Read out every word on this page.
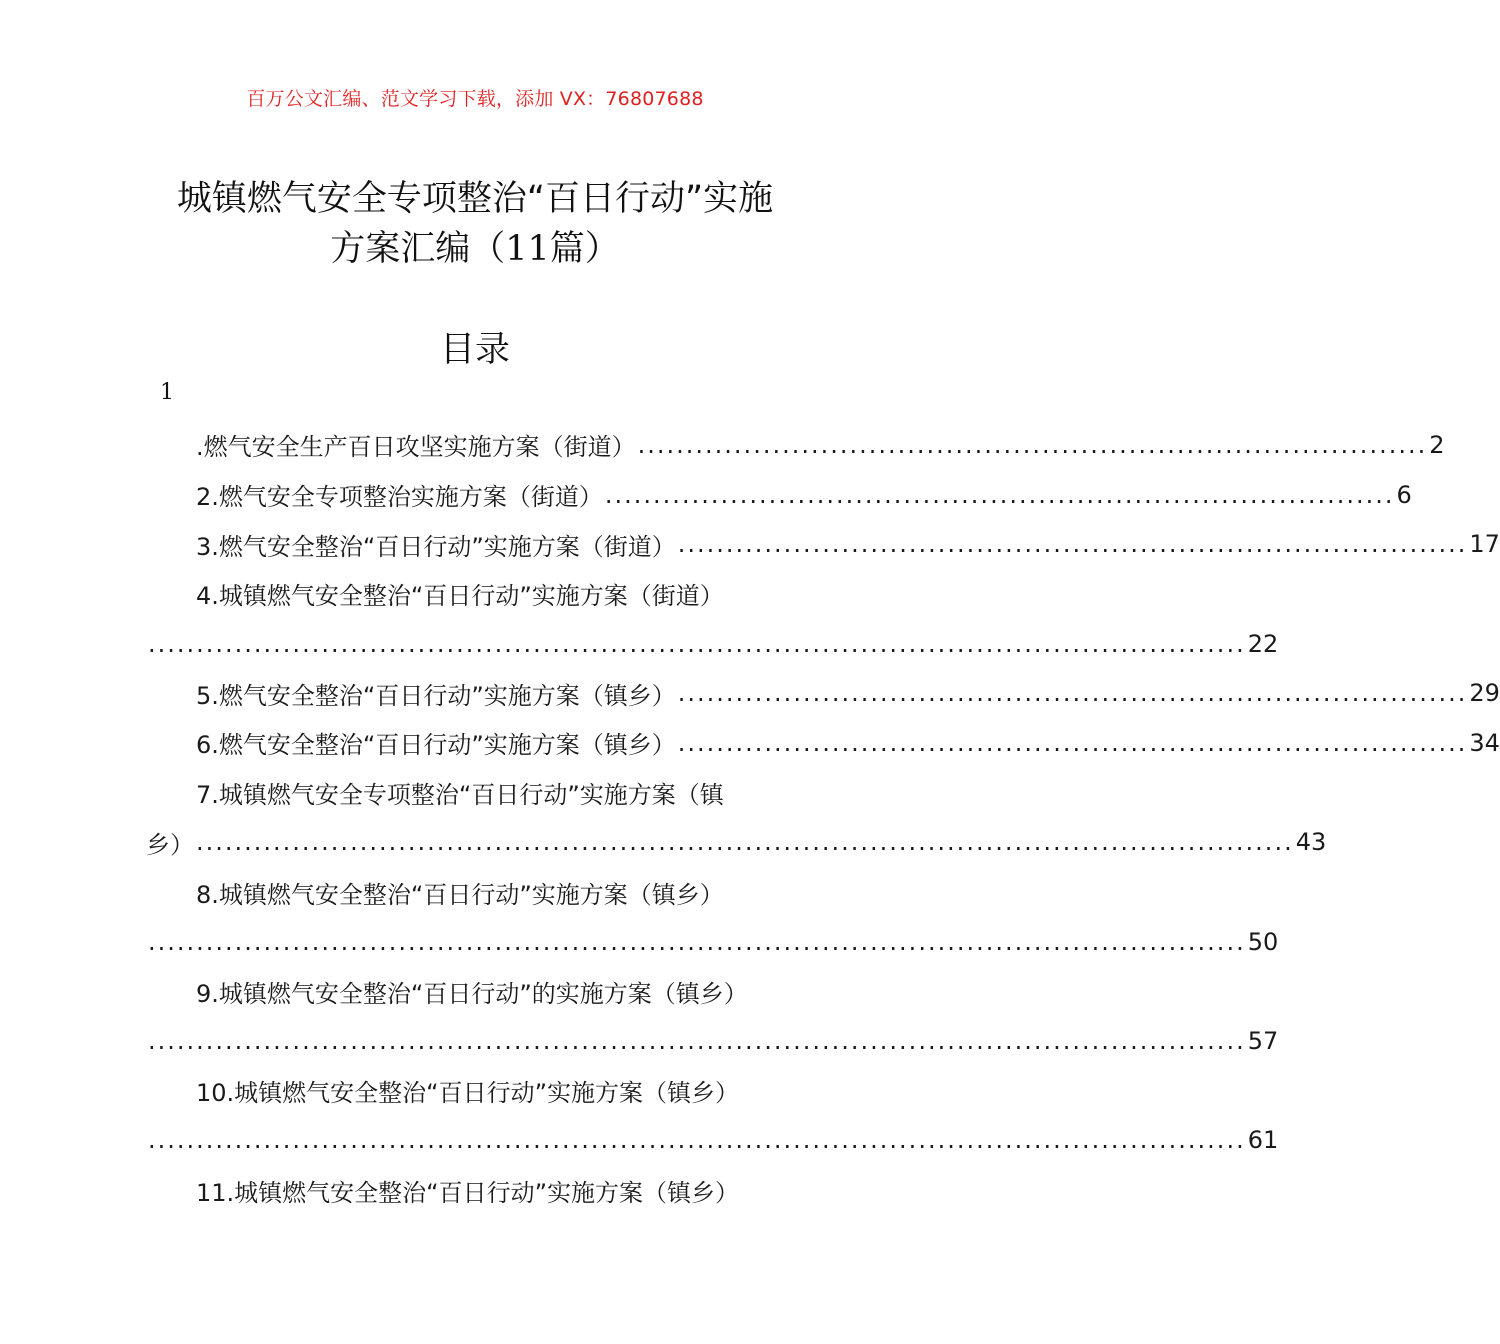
百万公文汇编、范文学习下载，添加 VX：76807688
城镇燃气安全专项整治“百日行动”实施
方案汇编（11篇）
目录
1
.燃气安全生产百日攻坚实施方案（街道） .................................................................................. 2
2.燃气安全专项整治实施方案（街道） .................................................................................. 6
3.燃气安全整治“百日行动”实施方案（街道） .................................................................................. 17
4.城镇燃气安全整治“百日行动”实施方案（街道）
.................................................................................................................. 22
5.燃气安全整治“百日行动”实施方案（镇乡） .................................................................................. 29
6.燃气安全整治“百日行动”实施方案（镇乡） .................................................................................. 34
7.城镇燃气安全专项整治“百日行动”实施方案（镇
乡） .................................................................................................................. 43
8.城镇燃气安全整治“百日行动”实施方案（镇乡）
.................................................................................................................. 50
9.城镇燃气安全整治“百日行动”的实施方案（镇乡）
.................................................................................................................. 57
10.城镇燃气安全整治“百日行动”实施方案（镇乡）
.................................................................................................................. 61
11.城镇燃气安全整治“百日行动”实施方案（镇乡）
